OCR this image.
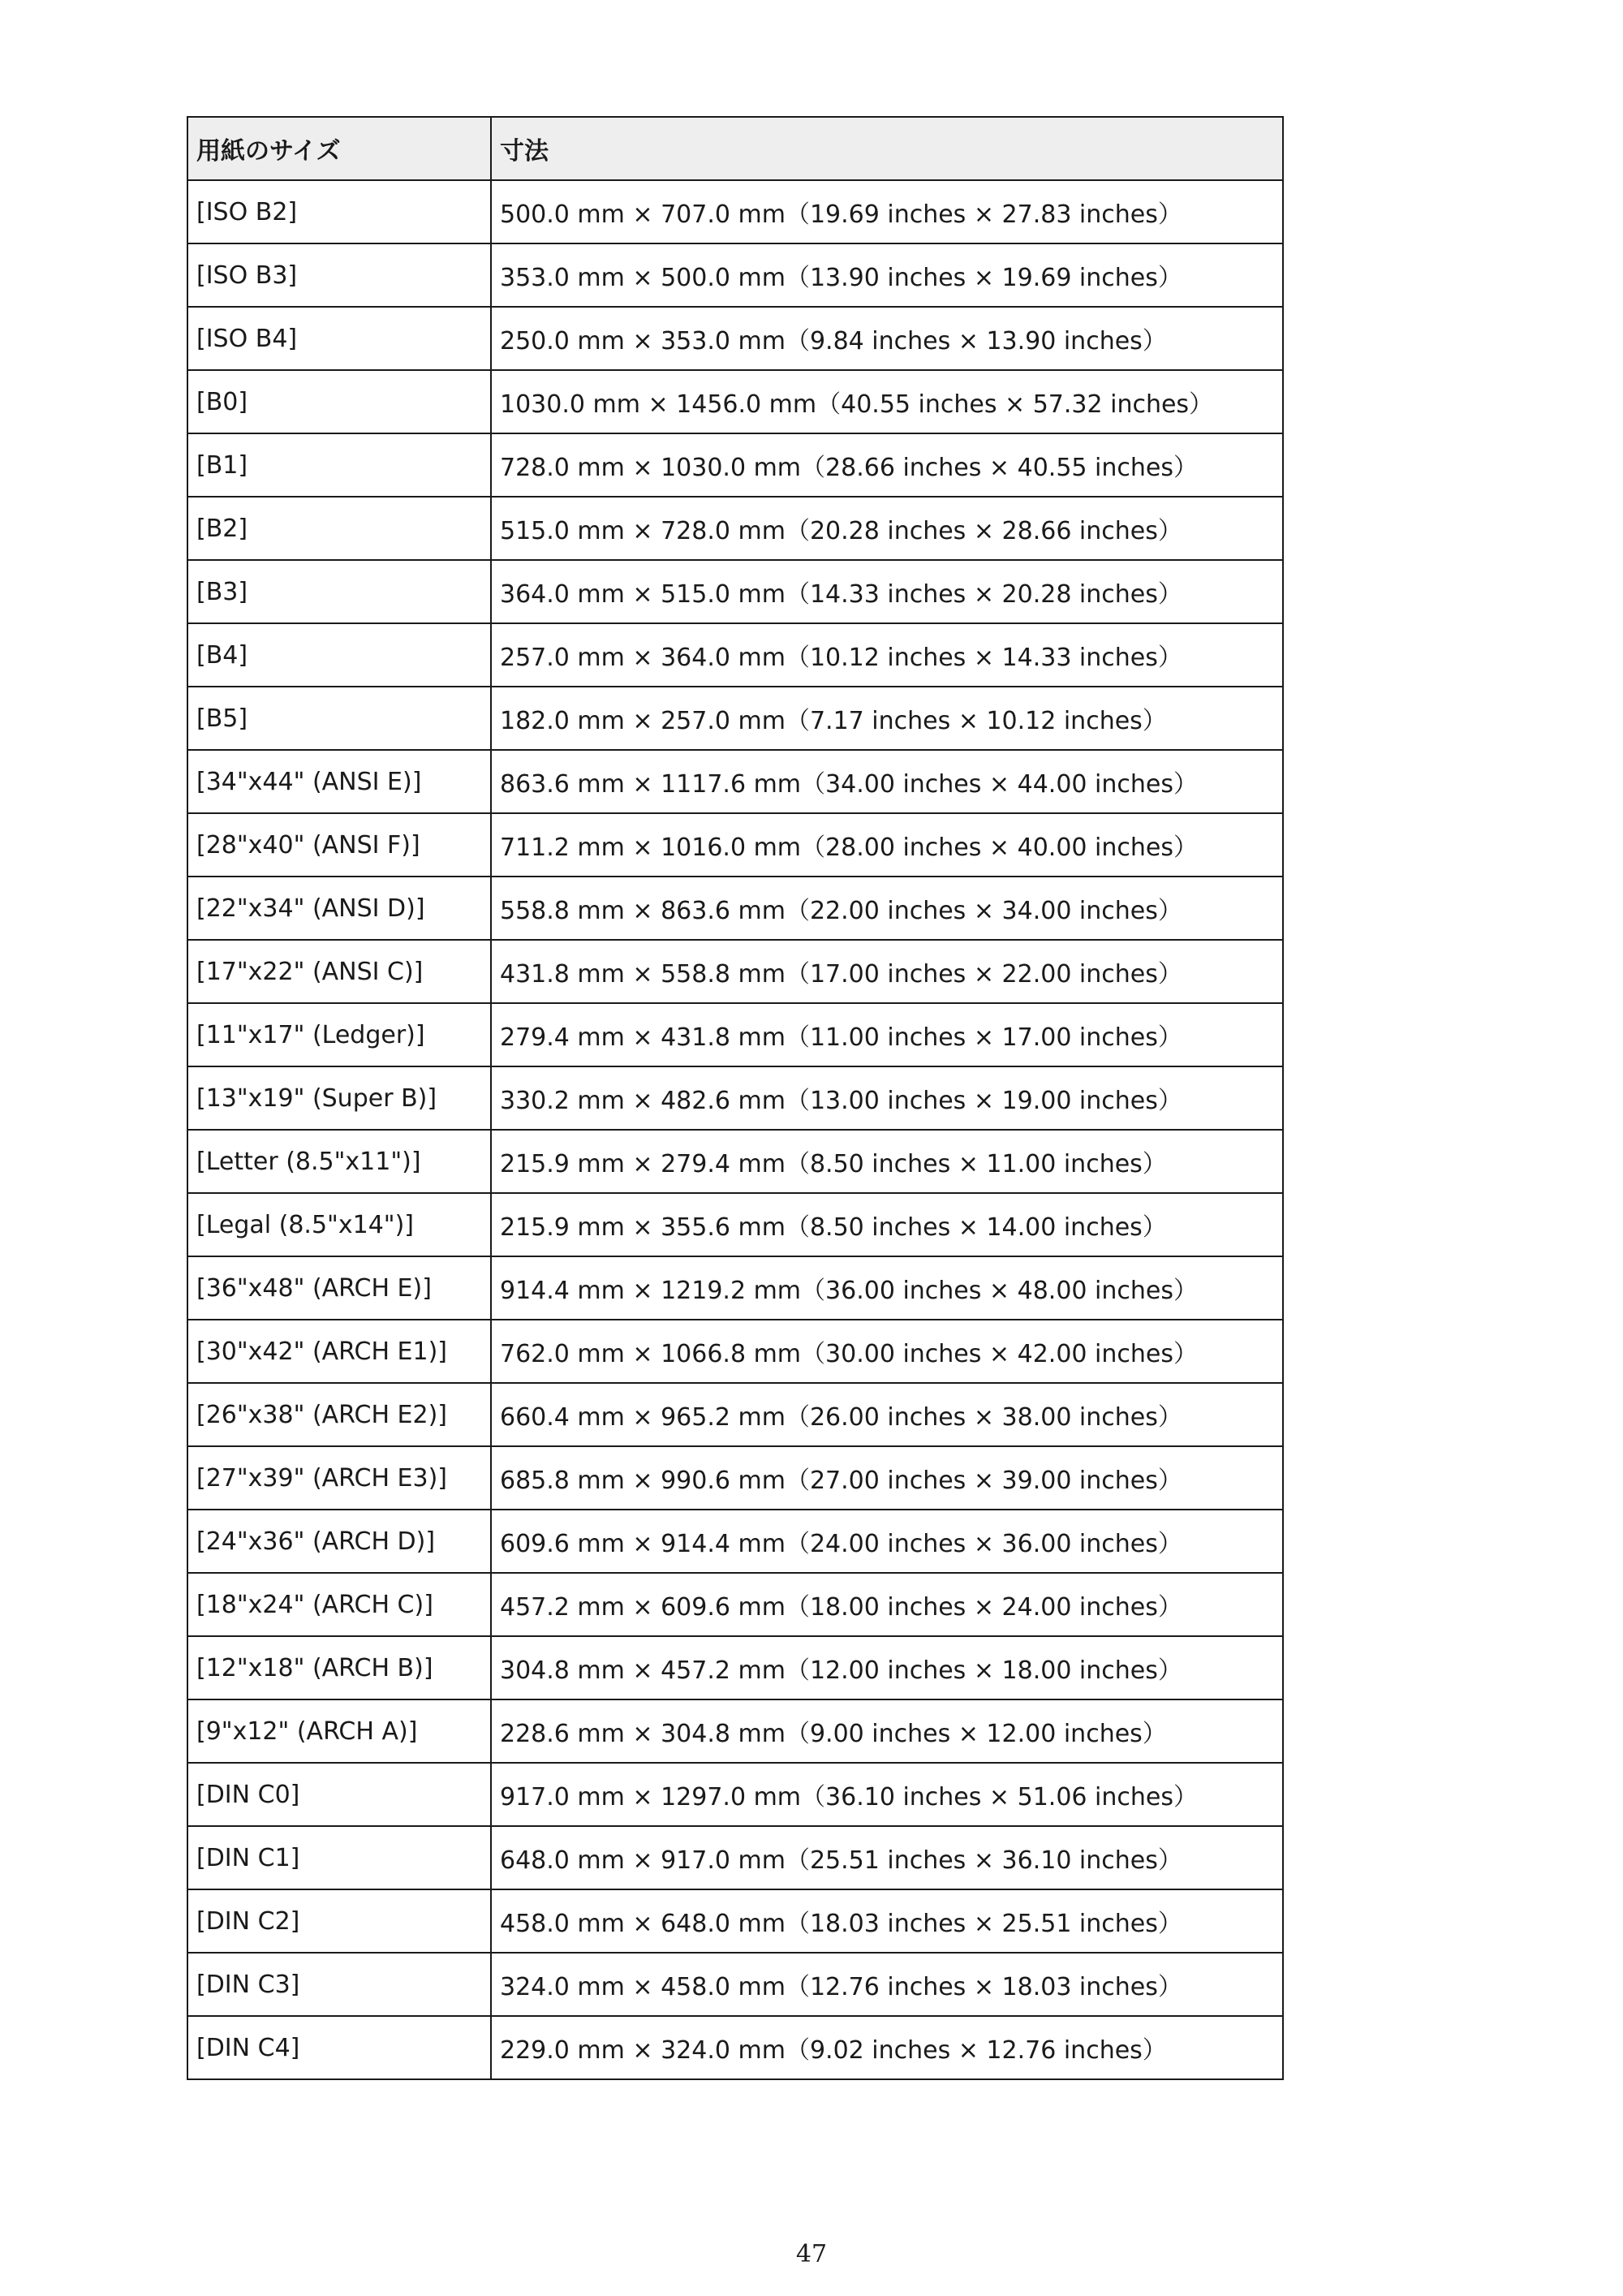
用紙のサイズ	寸法
[ISO B2]	500.0 mm × 707.0 mm（19.69 inches × 27.83 inches）
[ISO B3]	353.0 mm × 500.0 mm（13.90 inches × 19.69 inches）
[ISO B4]	250.0 mm × 353.0 mm（9.84 inches × 13.90 inches）
[B0]	1030.0 mm × 1456.0 mm（40.55 inches × 57.32 inches）
[B1]	728.0 mm × 1030.0 mm（28.66 inches × 40.55 inches）
[B2]	515.0 mm × 728.0 mm（20.28 inches × 28.66 inches）
[B3]	364.0 mm × 515.0 mm（14.33 inches × 20.28 inches）
[B4]	257.0 mm × 364.0 mm（10.12 inches × 14.33 inches）
[B5]	182.0 mm × 257.0 mm（7.17 inches × 10.12 inches）
[34"x44" (ANSI E)]	863.6 mm × 1117.6 mm（34.00 inches × 44.00 inches）
[28"x40" (ANSI F)]	711.2 mm × 1016.0 mm（28.00 inches × 40.00 inches）
[22"x34" (ANSI D)]	558.8 mm × 863.6 mm（22.00 inches × 34.00 inches）
[17"x22" (ANSI C)]	431.8 mm × 558.8 mm（17.00 inches × 22.00 inches）
[11"x17" (Ledger)]	279.4 mm × 431.8 mm（11.00 inches × 17.00 inches）
[13"x19" (Super B)]	330.2 mm × 482.6 mm（13.00 inches × 19.00 inches）
[Letter (8.5"x11")]	215.9 mm × 279.4 mm（8.50 inches × 11.00 inches）
[Legal (8.5"x14")]	215.9 mm × 355.6 mm（8.50 inches × 14.00 inches）
[36"x48" (ARCH E)]	914.4 mm × 1219.2 mm（36.00 inches × 48.00 inches）
[30"x42" (ARCH E1)]	762.0 mm × 1066.8 mm（30.00 inches × 42.00 inches）
[26"x38" (ARCH E2)]	660.4 mm × 965.2 mm（26.00 inches × 38.00 inches）
[27"x39" (ARCH E3)]	685.8 mm × 990.6 mm（27.00 inches × 39.00 inches）
[24"x36" (ARCH D)]	609.6 mm × 914.4 mm（24.00 inches × 36.00 inches）
[18"x24" (ARCH C)]	457.2 mm × 609.6 mm（18.00 inches × 24.00 inches）
[12"x18" (ARCH B)]	304.8 mm × 457.2 mm（12.00 inches × 18.00 inches）
[9"x12" (ARCH A)]	228.6 mm × 304.8 mm（9.00 inches × 12.00 inches）
[DIN C0]	917.0 mm × 1297.0 mm（36.10 inches × 51.06 inches）
[DIN C1]	648.0 mm × 917.0 mm（25.51 inches × 36.10 inches）
[DIN C2]	458.0 mm × 648.0 mm（18.03 inches × 25.51 inches）
[DIN C3]	324.0 mm × 458.0 mm（12.76 inches × 18.03 inches）
[DIN C4]	229.0 mm × 324.0 mm（9.02 inches × 12.76 inches）
47
